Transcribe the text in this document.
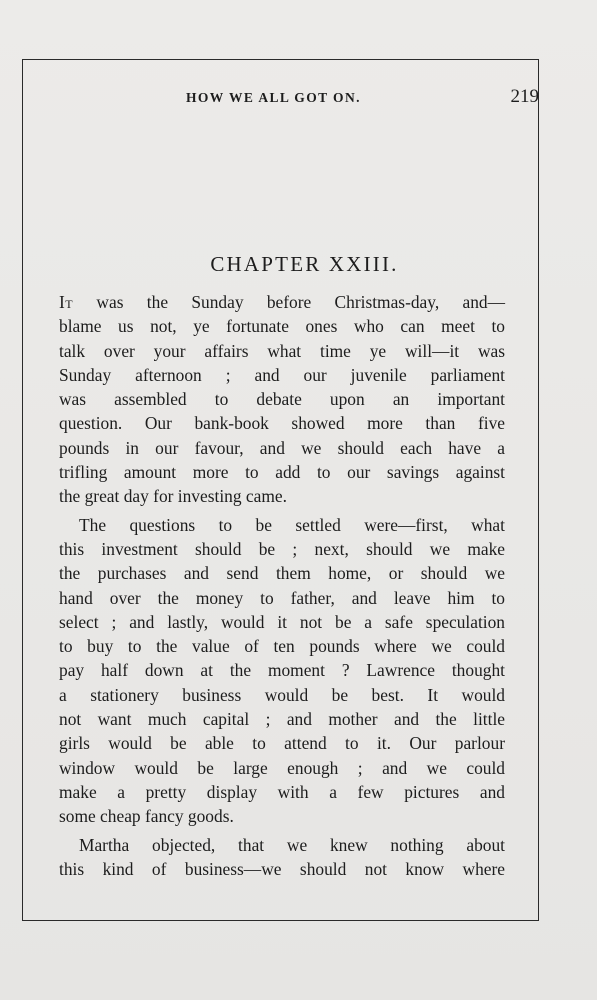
HOW WE ALL GOT ON.	219
CHAPTER XXIII.
It was the Sunday before Christmas-day, and—
blame us not, ye fortunate ones who can meet to
talk over your affairs what time ye will—it was
Sunday afternoon ; and our juvenile parliament
was assembled to debate upon an important
question. Our bank-book showed more than five
pounds in our favour, and we should each have a
trifling amount more to add to our savings against
the great day for investing came.
The questions to be settled were—first, what
this investment should be ; next, should we make
the purchases and send them home, or should we
hand over the money to father, and leave him to
select ; and lastly, would it not be a safe speculation
to buy to the value of ten pounds where we could
pay half down at the moment ? Lawrence thought
a stationery business would be best. It would
not want much capital ; and mother and the little
girls would be able to attend to it. Our parlour
window would be large enough ; and we could
make a pretty display with a few pictures and
some cheap fancy goods.
Martha objected, that we knew nothing about
this kind of business—we should not know where
